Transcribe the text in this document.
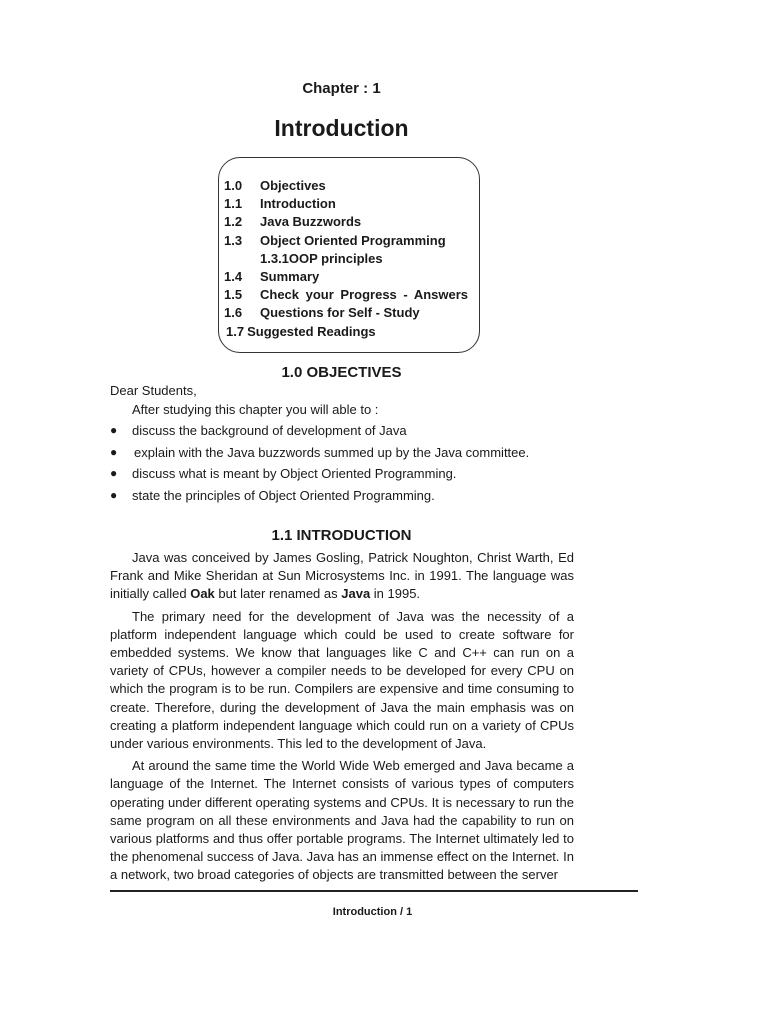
Chapter : 1
Introduction
1.0	Objectives
1.1	Introduction
1.2	Java Buzzwords
1.3	Object Oriented Programming
1.3.1OOP principles
1.4	Summary
1.5	Check your Progress - Answers
1.6	Questions for Self - Study
1.7 Suggested Readings
1.0 OBJECTIVES
Dear Students,
After studying this chapter you will able to :
● discuss the background of development of Java
● explain with the Java buzzwords summed up by the Java committee.
● discuss what is meant by Object Oriented Programming.
● state the principles of Object Oriented Programming.
1.1 INTRODUCTION

Java was conceived by James Gosling, Patrick Noughton, Christ Warth, Ed Frank and Mike Sheridan at Sun Microsystems Inc. in 1991. The language was initially called Oak but later renamed as Java in 1995.

The primary need for the development of Java was the necessity of a platform independent language which could be used to create software for embedded systems. We know that languages like C and C++ can run on a variety of CPUs, however a compiler needs to be developed for every CPU on which the program is to be run. Compilers are expensive and time consuming to create. Therefore, during the development of Java the main emphasis was on creating a platform independent language which could run on a variety of CPUs under various environments. This led to the development of Java.

At around the same time the World Wide Web emerged and Java became a language of the Internet. The Internet consists of various types of computers operating under different operating systems and CPUs. It is necessary to run the same program on all these environments and Java had the capability to run on various platforms and thus offer portable programs. The Internet ultimately led to the phenomenal success of Java. Java has an immense effect on the Internet. In a network, two broad categories of objects are transmitted between the server

Introduction / 1
